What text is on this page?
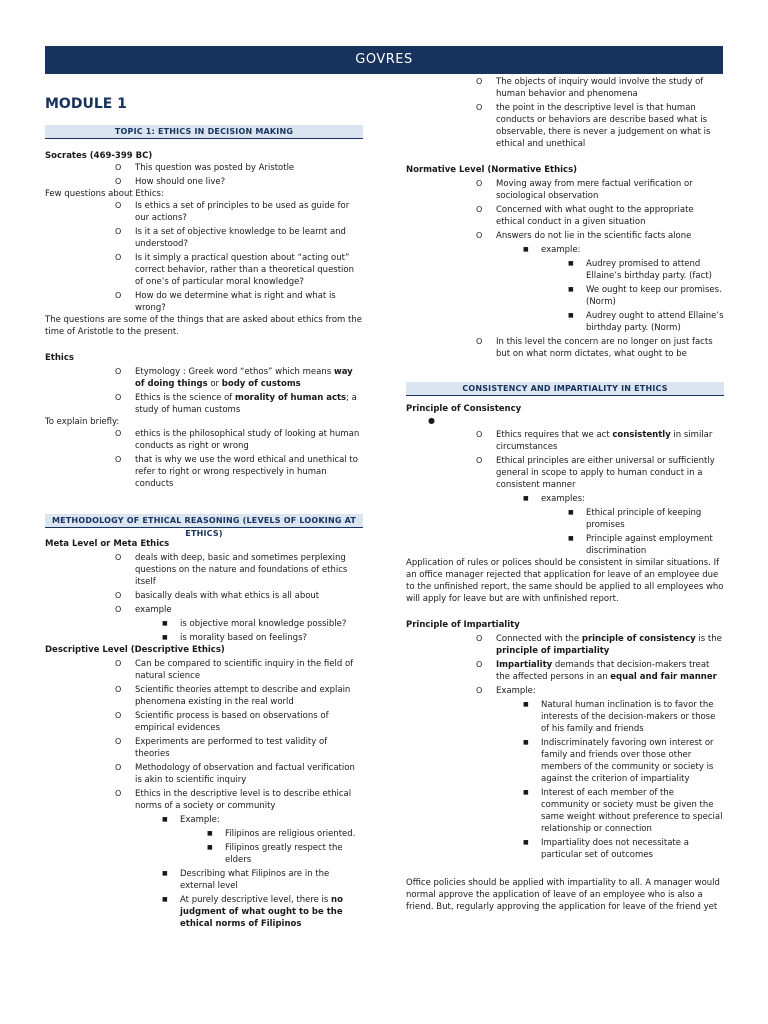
GOVRES
MODULE 1
TOPIC 1: ETHICS IN DECISION MAKING
Socrates (469-399 BC)
O This question was posted by Aristotle
O How should one live?
Few questions about Ethics:
O Is ethics a set of principles to be used as guide for our actions?
O Is it a set of objective knowledge to be learnt and understood?
O Is it simply a practical question about “acting out” correct behavior, rather than a theoretical question of one’s of particular moral knowledge?
O How do we determine what is right and what is wrong?
The questions are some of the things that are asked about ethics from the time of Aristotle to the present.
Ethics
O Etymology : Greek word “ethos” which means way of doing things or body of customs
O Ethics is the science of morality of human acts; a study of human customs
To explain briefly:
O ethics is the philosophical study of looking at human conducts as right or wrong
O that is why we use the word ethical and unethical to refer to right or wrong respectively in human conducts
METHODOLOGY OF ETHICAL REASONING (LEVELS OF LOOKING AT ETHICS)
Meta Level or Meta Ethics
O deals with deep, basic and sometimes perplexing questions on the nature and foundations of ethics itself
O basically deals with what ethics is all about
O example
■ is objective moral knowledge possible?
■ is morality based on feelings?
Descriptive Level (Descriptive Ethics)
O Can be compared to scientific inquiry in the field of natural science
O Scientific theories attempt to describe and explain phenomena existing in the real world
O Scientific process is based on observations of empirical evidences
O Experiments are performed to test validity of theories
O Methodology of observation and factual verification is akin to scientific inquiry
O Ethics in the descriptive level is to describe ethical norms of a society or community
■ Example:
■ Filipinos are religious oriented.
■ Filipinos greatly respect the elders
■ Describing what Filipinos are in the external level
■ At purely descriptive level, there is no judgment of what ought to be the ethical norms of Filipinos
O The objects of inquiry would involve the study of human behavior and phenomena
O the point in the descriptive level is that human conducts or behaviors are describe based what is observable, there is never a judgement on what is ethical and unethical
Normative Level (Normative Ethics)
O Moving away from mere factual verification or sociological observation
O Concerned with what ought to the appropriate ethical conduct in a given situation
O Answers do not lie in the scientific facts alone
■ example:
■ Audrey promised to attend Ellaine’s birthday party. (fact)
■ We ought to keep our promises. (Norm)
■ Audrey ought to attend Ellaine’s birthday party. (Norm)
O In this level the concern are no longer on just facts but on what norm dictates, what ought to be
CONSISTENCY AND IMPARTIALITY IN ETHICS
Principle of Consistency
●
O Ethics requires that we act consistently in similar circumstances
O Ethical principles are either universal or sufficiently general in scope to apply to human conduct in a consistent manner
■ examples:
■ Ethical principle of keeping promises
■ Principle against employment discrimination
Application of rules or polices should be consistent in similar situations. If an office manager rejected that application for leave of an employee due to the unfinished report, the same should be applied to all employees who will apply for leave but are with unfinished report.
Principle of Impartiality
O Connected with the principle of consistency is the principle of impartiality
O Impartiality demands that decision-makers treat the affected persons in an equal and fair manner
O Example:
■ Natural human inclination is to favor the interests of the decision-makers or those of his family and friends
■ Indiscriminately favoring own interest or family and friends over those other members of the community or society is against the criterion of impartiality
■ Interest of each member of the community or society must be given the same weight without preference to special relationship or connection
■ Impartiality does not necessitate a particular set of outcomes
Office policies should be applied with impartiality to all. A manager would normal approve the application of leave of an employee who is also a friend. But, regularly approving the application for leave of the friend yet
